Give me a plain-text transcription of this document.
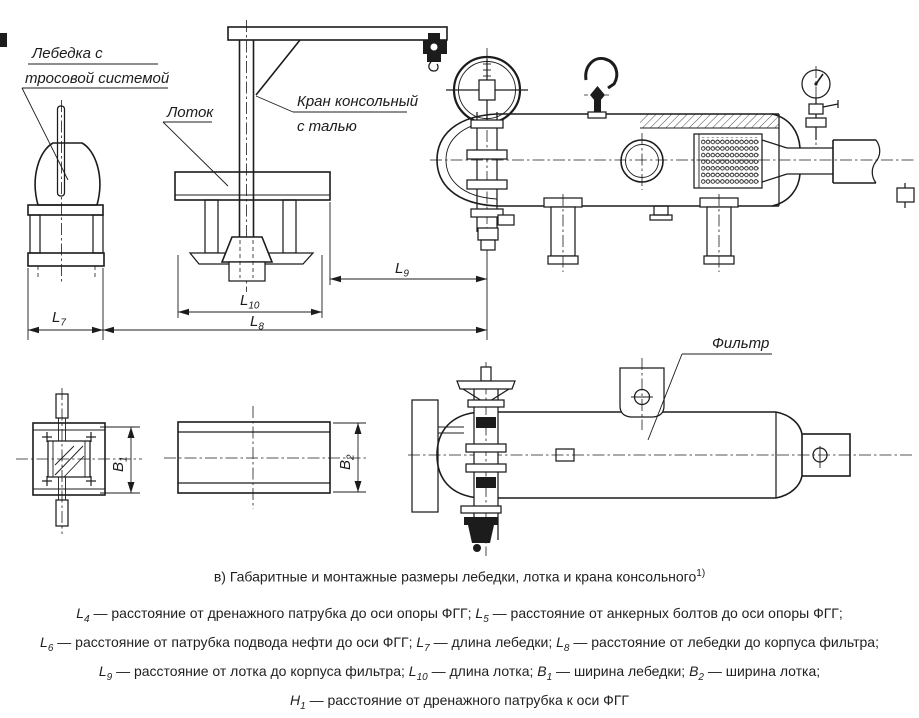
Лебедка с
тросовой системой
Кран консольный
с талью
Лоток
$L_9$
$L_{10}$
$L_7$	$L_8$
Фильтр
$B_1$
$B_2$
в) Габаритные и монтажные размеры лебедки, лотка и крана консольного$^{1)}$

$L_4$ — расстояние от дренажного патрубка до оси опоры ФГГ; $L_5$ — расстояние от анкерных болтов до оси опоры ФГГ;

$L_6$ — расстояние от патрубка подвода нефти до оси ФГГ; $L_7$ — длина лебедки; $L_8$ — расстояние от лебедки до корпуса фильтра;

$L_9$ — расстояние от лотка до корпуса фильтра; $L_{10}$ — длина лотка; $B_1$ — ширина лебедки; $B_2$ — ширина лотка;

$H_1$ — расстояние от дренажного патрубка к оси ФГГ
